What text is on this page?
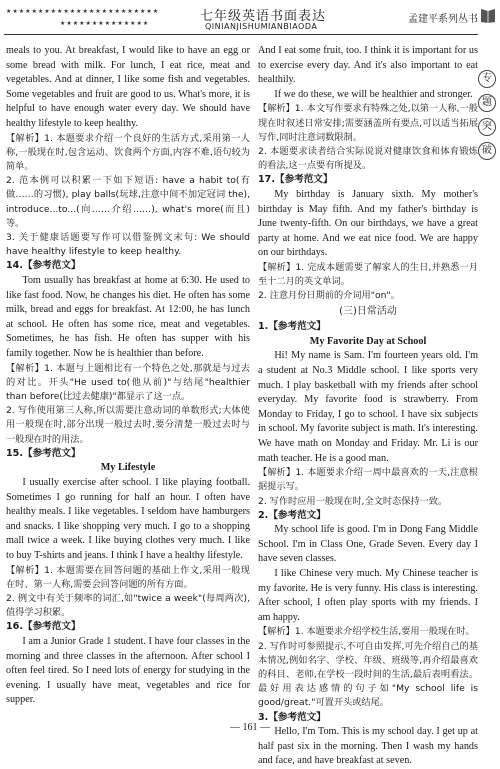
★★★★★★★★★★★★★★★★★★★★★★★★
★★★★★★★★★★★★★★	七年级英语书面表达
QINIANJISHUMIANBIAODA
孟建平系列丛书
专
题
突
破

meals to you. At breakfast, I would like to have an egg or some bread with milk. For lunch, I eat rice, meat and vegetables. And at dinner, I like some fish and vegetables. Some vegetables and fruit are good to us. What's more, it is helpful to have enough water every day. We should have healthy lifestyle to keep healthy.

【解析】1. 本题要求介绍一个良好的生活方式,采用第一人称,一般现在时,包含运动、饮食两个方面,内容不难,语句较为简单。

2. 范本例可以积累一下如下短语: have a habit to(有做……的习惯), play balls(玩球,注意中间不加定冠词 the), introduce...to...(向……介绍……), what's more(而且)等。

3. 关于健康话题要写作可以借鉴例文末句: We should have healthy lifestyle to keep healthy.

14.【参考范文】

Tom usually has breakfast at home at 6:30. He used to like fast food. Now, he changes his diet. He often has some milk, bread and eggs for breakfast. At 12:00, he has lunch at school. He often has some rice, meat and vegetables. Sometimes, he has fish. He often has supper with his family together. Now he is healthier than before.

【解析】1. 本题与上题相比有一个特色之处,那就是与过去的对比。开头"He used to(他从前)"与结尾"healthier than before(比过去健康)"都显示了这一点。

2. 写作使用第三人称,所以需要注意动词的单数形式;大体使用一般现在时,部分出现一般过去时,要分清楚一般过去时与一般现在时的用法。

15.【参考范文】

My Lifestyle

I usually exercise after school. I like playing football. Sometimes I go running for half an hour. I often have healthy meals. I like vegetables. I seldom have hamburgers and snacks. I like shopping very much. I go to a shopping mall twice a week. I like buying clothes very much. I like to buy T-shirts and jeans. I think I have a healthy lifestyle.

【解析】1. 本题需要在回答问题的基础上作文,采用一般现在时、第一人称,需要会回答问题的所有方面。

2. 例文中有关于频率的词汇,如"twice a week"(每周两次),值得学习积累。

16.【参考范文】

I am a Junior Grade 1 student. I have four classes in the morning and three classes in the afternoon. After school I often feel tired. So I need lots of energy for studying in the evening. I usually have meat, vegetables and rice for supper.

And I eat some fruit, too. I think it is important for us to exercise every day. And it's also important to eat healthily.

If we do these, we will be healthier and stronger.

【解析】1. 本文写作要求有特殊之处,以第一人称,一般现在时叙述日常安排;需要涵盖所有要点,可以适当拓展写作,同时注意词数限制。

2. 本题要求读者结合实际说说对健康饮食和体育锻炼的看法,这一点要有所提及。

17.【参考范文】

My birthday is January sixth. My mother's birthday is May fifth. And my father's birthday is June twenty-fifth. On our birthdays, we have a great party at home. And we eat nice food. We are happy on our birthdays.

【解析】1. 完成本题需要了解家人的生日,并熟悉一月至十二月的英文单词。

2. 注意月份日期前的介词用"on"。

(三)日常活动

1.【参考范文】

My Favorite Day at School

Hi! My name is Sam. I'm fourteen years old. I'm a student at No.3 Middle school. I like sports very much. I play basketball with my friends after school everyday. My favorite food is strawberry. From Monday to Friday, I go to school. I have six subjects in school. My favorite subject is math. It's interesting. We have math on Monday and Friday. Mr. Li is our math teacher. He is a good man.

【解析】1. 本题要求介绍一周中最喜欢的一天,注意根据提示写。

2. 写作时应用一般现在时,全文时态保持一致。

2.【参考范文】

My school life is good. I'm in Dong Fang Middle School. I'm in Class One, Grade Seven. Every day I have seven classes.

I like Chinese very much. My Chinese teacher is my favorite. He is very funny. His class is interesting. After school, I often play sports with my friends. I am happy.

【解析】1. 本题要求介绍学校生活,要用一般现在时。

2. 写作时可参照提示,不可自由发挥,可先介绍自己的基本情况,例如名字、学校、年级、班级等,再介绍最喜欢的科目、老师,在学校一段时间的生活,最后表明看法。最好用表达感情的句子如"My school life is good/great."可置开头或结尾。

3.【参考范文】

Hello, I'm Tom. This is my school day. I get up at half past six in the morning. Then I wash my hands and face, and have breakfast at seven.

— 161 —
